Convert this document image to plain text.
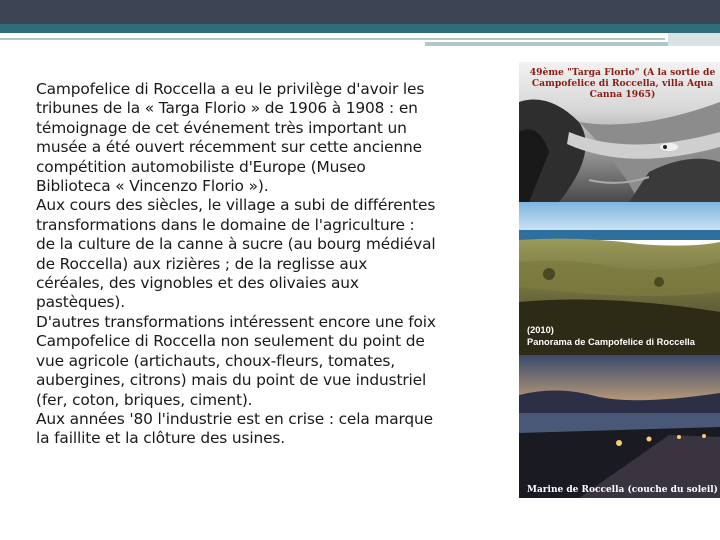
Campofelice di Roccella a eu le privilège d'avoir les tribunes de la « Targa Florio » de 1906 à 1908 : en témoignage de cet événement très important un musée a été ouvert récemment sur cette ancienne compétition automobiliste d'Europe (Museo Biblioteca « Vincenzo Florio »).

Aux cours des siècles, le village a subi de différentes transformations dans le domaine de l'agriculture : de la culture de la canne à sucre (au bourg médiéval de Roccella) aux rizières ; de la reglisse aux céréales, des vignobles et des olivaies aux pastèques).

D'autres transformations intéressent encore une foix Campofelice di Roccella non seulement du point de vue agricole (artichauts, choux-fleurs, tomates, aubergines, citrons) mais du point de vue industriel (fer, coton, briques, ciment).

Aux années '80 l'industrie est en crise : cela marque la faillite et la clôture des usines.

49ème "Targa Florio" (A la sortie de Campofelice di Roccella, villa Aqua Canna 1965)

(2010)

Panorama de Campofelice di Roccella

Marine de Roccella (couche du soleil)
